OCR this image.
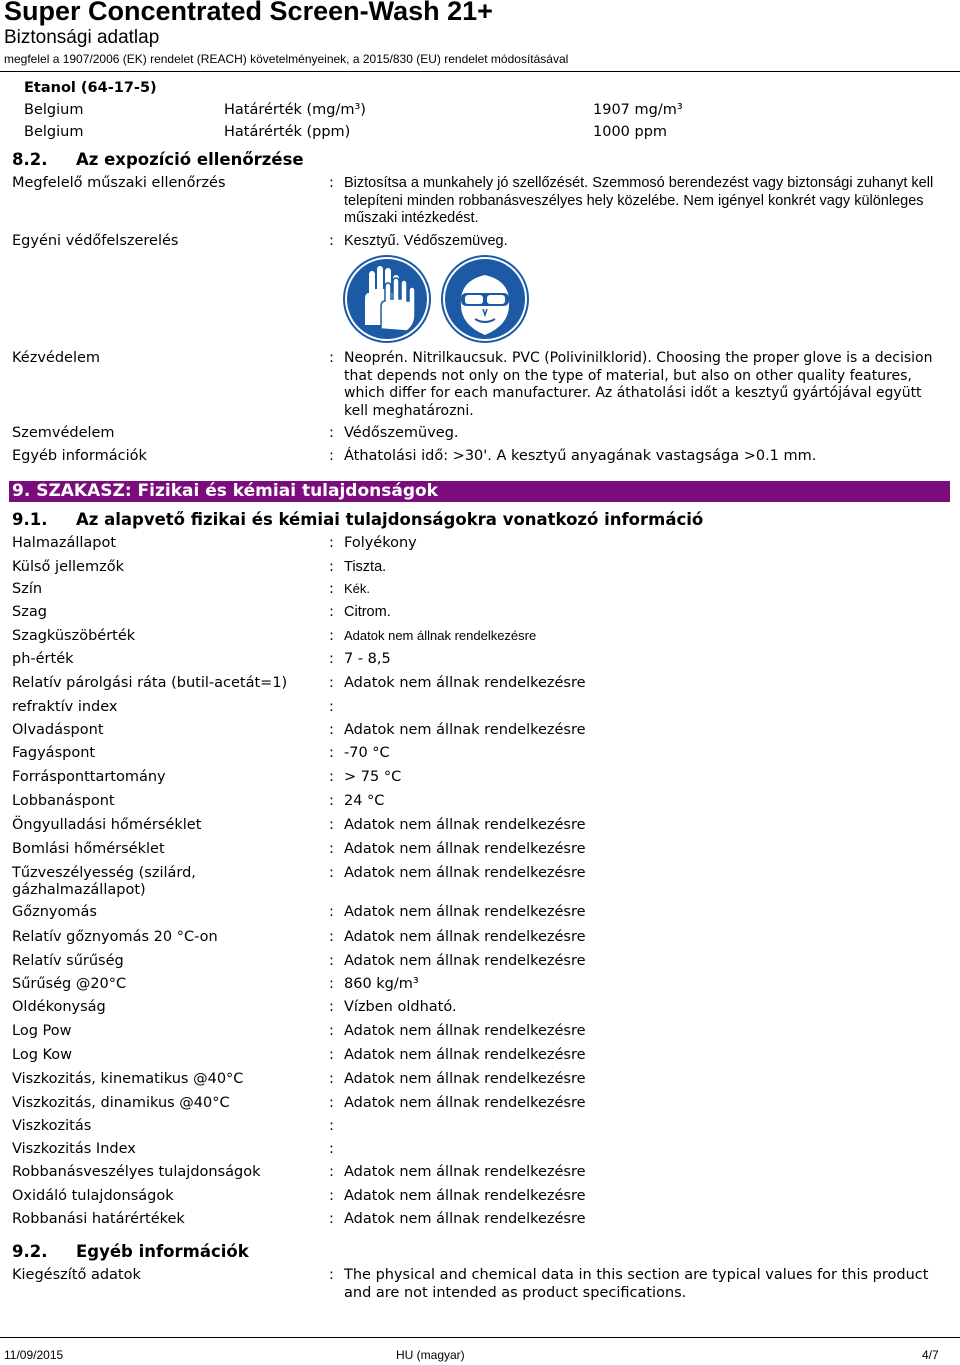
Super Concentrated Screen-Wash 21+
Biztonsági adatlap
megfelel a 1907/2006 (EK) rendelet (REACH) követelményeinek, a 2015/830 (EU) rendelet módosításával
Etanol (64-17-5)
Belgium	Határérték (mg/m³)	1907 mg/m³
Belgium	Határérték (ppm)	1000 ppm
8.2. Az expozíció ellenőrzése
Megfelelő műszaki ellenőrzés	: Biztosítsa a munkahely jó szellőzését. Szemmosó berendezést vagy biztonsági zuhanyt kell telepíteni minden robbanásveszélyes hely közelébe. Nem igényel konkrét vagy különleges műszaki intézkedést.
Egyéni védőfelszerelés	: Kesztyű. Védőszemüveg.
Kézvédelem	: Neoprén. Nitrilkaucsuk. PVC (Polivinilklorid). Choosing the proper glove is a decision that depends not only on the type of material, but also on other quality features, which differ for each manufacturer. Az áthatolási időt a kesztyű gyártójával együtt kell meghatározni.
Szemvédelem	: Védőszemüveg.
Egyéb információk	: Áthatolási idő: >30'. A kesztyű anyagának vastagsága >0.1 mm.
9. SZAKASZ: Fizikai és kémiai tulajdonságok
9.1. Az alapvető fizikai és kémiai tulajdonságokra vonatkozó információ
Halmazállapot	: Folyékony
Külső jellemzők	: Tiszta.
Szín	: Kék.
Szag	: Citrom.
Szagküszöbérték	: Adatok nem állnak rendelkezésre
ph-érték	: 7 - 8,5
Relatív párolgási ráta (butil-acetát=1)	: Adatok nem állnak rendelkezésre
refraktív index	:
Olvadáspont	: Adatok nem állnak rendelkezésre
Fagyáspont	: -70 °C
Forrásponttartomány	: > 75 °C
Lobbanáspont	: 24 °C
Öngyulladási hőmérséklet	: Adatok nem állnak rendelkezésre
Bomlási hőmérséklet	: Adatok nem állnak rendelkezésre
Tűzveszélyesség (szilárd, gázhalmazállapot)
: Adatok nem állnak rendelkezésre
Gőznyomás	: Adatok nem állnak rendelkezésre
Relatív gőznyomás 20 °C-on	: Adatok nem állnak rendelkezésre
Relatív sűrűség	: Adatok nem állnak rendelkezésre
Sűrűség @20°C	: 860 kg/m³
Oldékonyság	: Vízben oldható.
Log Pow	: Adatok nem állnak rendelkezésre
Log Kow	: Adatok nem állnak rendelkezésre
Viszkozitás, kinematikus @40°C	: Adatok nem állnak rendelkezésre
Viszkozitás, dinamikus @40°C	: Adatok nem állnak rendelkezésre
Viszkozitás	:
Viszkozitás Index	:
Robbanásveszélyes tulajdonságok	: Adatok nem állnak rendelkezésre
Oxidáló tulajdonságok	: Adatok nem állnak rendelkezésre
Robbanási határértékek	: Adatok nem állnak rendelkezésre
9.2. Egyéb információk
Kiegészítő adatok	: The physical and chemical data in this section are typical values for this product and are not intended as product specifications.
11/09/2015	HU (magyar)	4/7
